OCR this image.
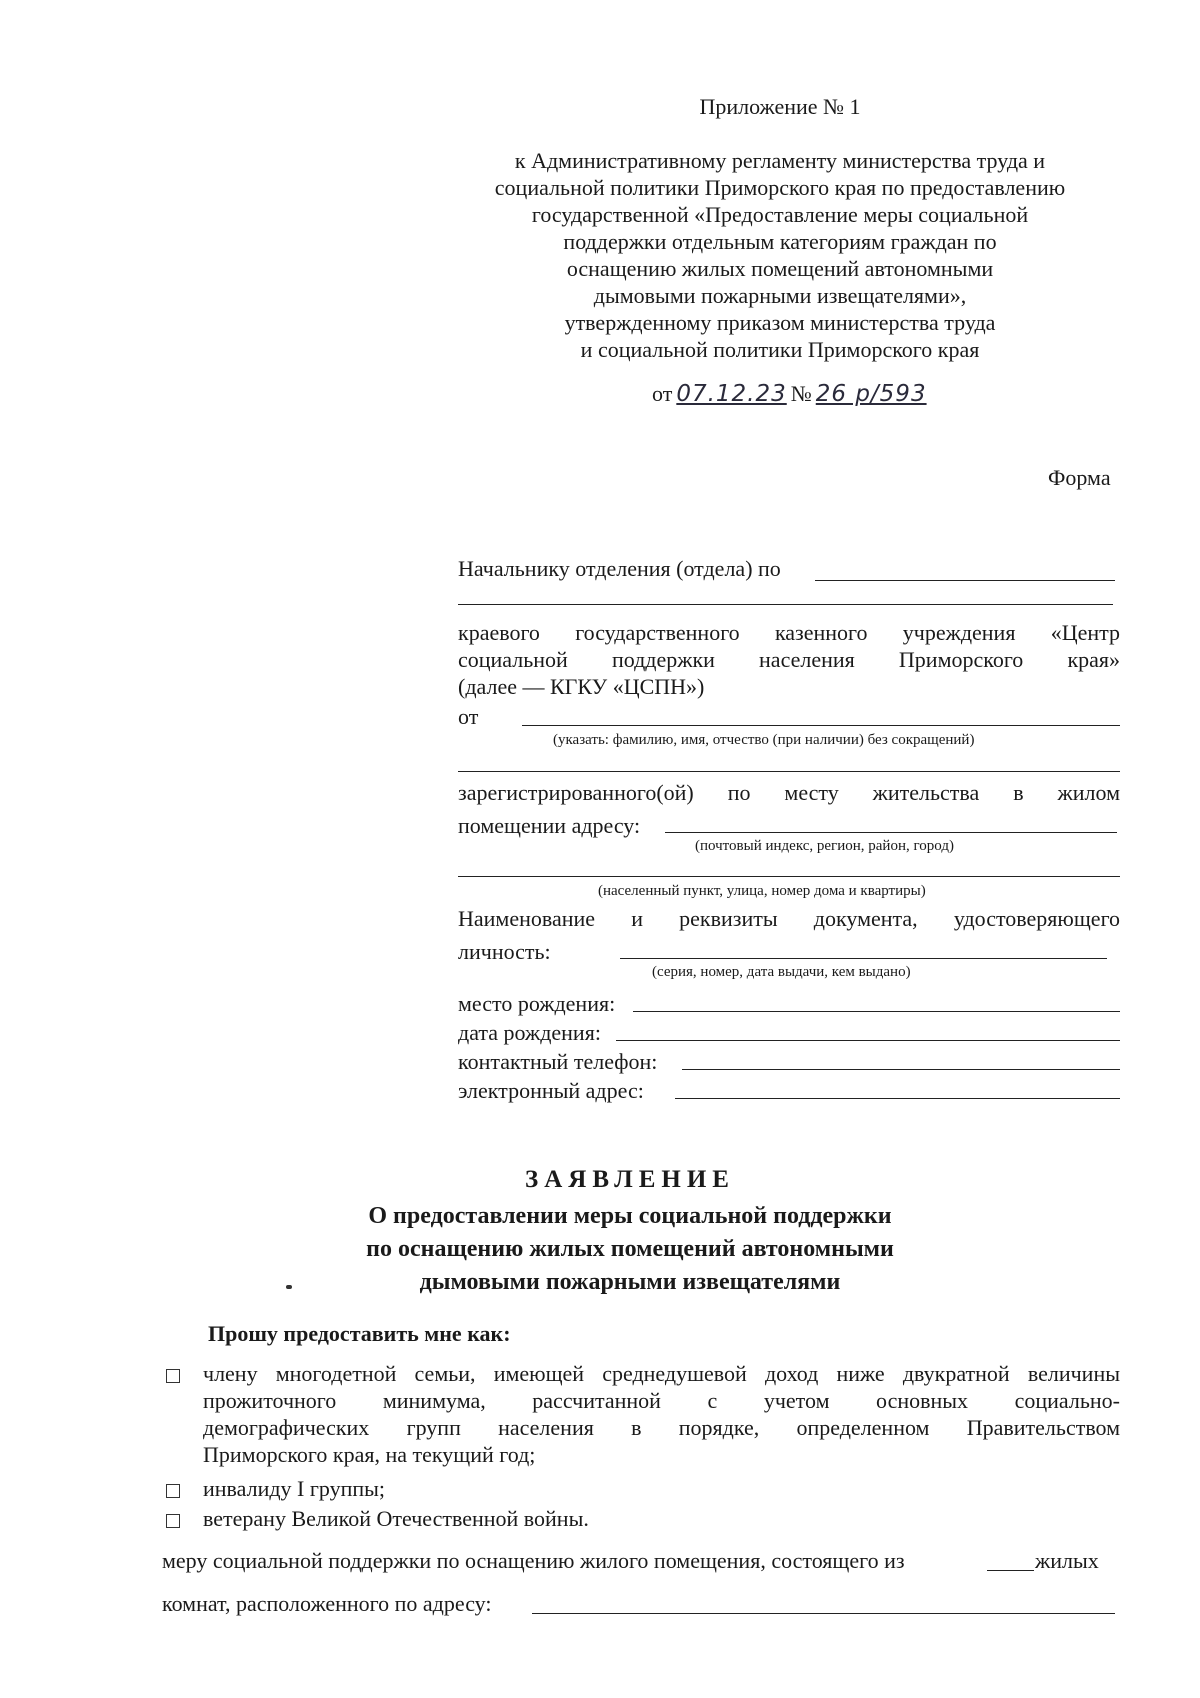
Приложение № 1
к Административному регламенту министерства труда и
социальной политики Приморского края по предоставлению
государственной «Предоставление меры социальной
поддержки отдельным категориям граждан по
оснащению жилых помещений автономными
дымовыми пожарными извещателями»,
утвержденному приказом министерства труда
и социальной политики Приморского края
от 07.12.23 № 26 р/593
Форма
Начальнику отделения (отдела) по
краевого государственного казенного учреждения «Центр
социальной поддержки населения Приморского края»
(далее — КГКУ «ЦСПН»)
от
(указать: фамилию, имя, отчество (при наличии) без сокращений)
зарегистрированного(ой) по месту жительства в жилом
помещении адресу:
(почтовый индекс, регион, район, город)
(населенный пункт, улица, номер дома и квартиры)
Наименование и реквизиты документа, удостоверяющего
личность:
(серия, номер, дата выдачи, кем выдано)
место рождения:
дата рождения:
контактный телефон:
электронный адрес:
ЗАЯВЛЕНИЕ
О предоставлении меры социальной поддержки
по оснащению жилых помещений автономными
дымовыми пожарными извещателями
Прошу предоставить мне как:
члену многодетной семьи, имеющей среднедушевой доход ниже двукратной величины
прожиточного минимума, рассчитанной с учетом основных социально-
демографических групп населения в порядке, определенном Правительством
Приморского края, на текущий год;
инвалиду I группы;
ветерану Великой Отечественной войны.
меру социальной поддержки по оснащению жилого помещения, состоящего из	жилых
комнат, расположенного по адресу:
